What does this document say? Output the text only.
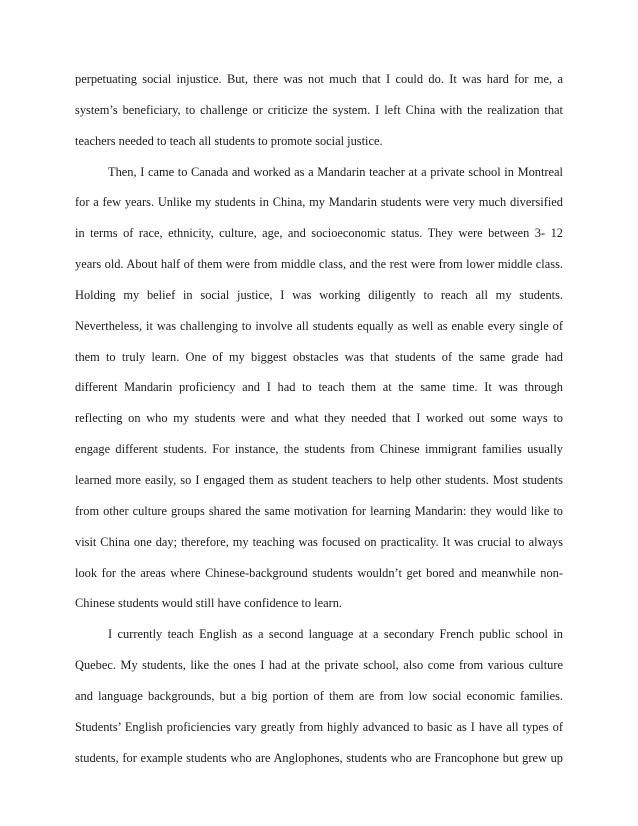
perpetuating social injustice. But, there was not much that I could do. It was hard for me, a
system’s beneficiary, to challenge or criticize the system. I left China with the realization that
teachers needed to teach all students to promote social justice.
Then, I came to Canada and worked as a Mandarin teacher at a private school in Montreal
for a few years. Unlike my students in China, my Mandarin students were very much diversified
in terms of race, ethnicity, culture, age, and socioeconomic status. They were between 3- 12
years old. About half of them were from middle class, and the rest were from lower middle class.
Holding my belief in social justice, I was working diligently to reach all my students.
Nevertheless, it was challenging to involve all students equally as well as enable every single of
them to truly learn. One of my biggest obstacles was that students of the same grade had
different Mandarin proficiency and I had to teach them at the same time. It was through
reflecting on who my students were and what they needed that I worked out some ways to
engage different students. For instance, the students from Chinese immigrant families usually
learned more easily, so I engaged them as student teachers to help other students. Most students
from other culture groups shared the same motivation for learning Mandarin: they would like to
visit China one day; therefore, my teaching was focused on practicality. It was crucial to always
look for the areas where Chinese-background students wouldn’t get bored and meanwhile non-
Chinese students would still have confidence to learn.
I currently teach English as a second language at a secondary French public school in
Quebec. My students, like the ones I had at the private school, also come from various culture
and language backgrounds, but a big portion of them are from low social economic families.
Students’ English proficiencies vary greatly from highly advanced to basic as I have all types of
students, for example students who are Anglophones, students who are Francophone but grew up
